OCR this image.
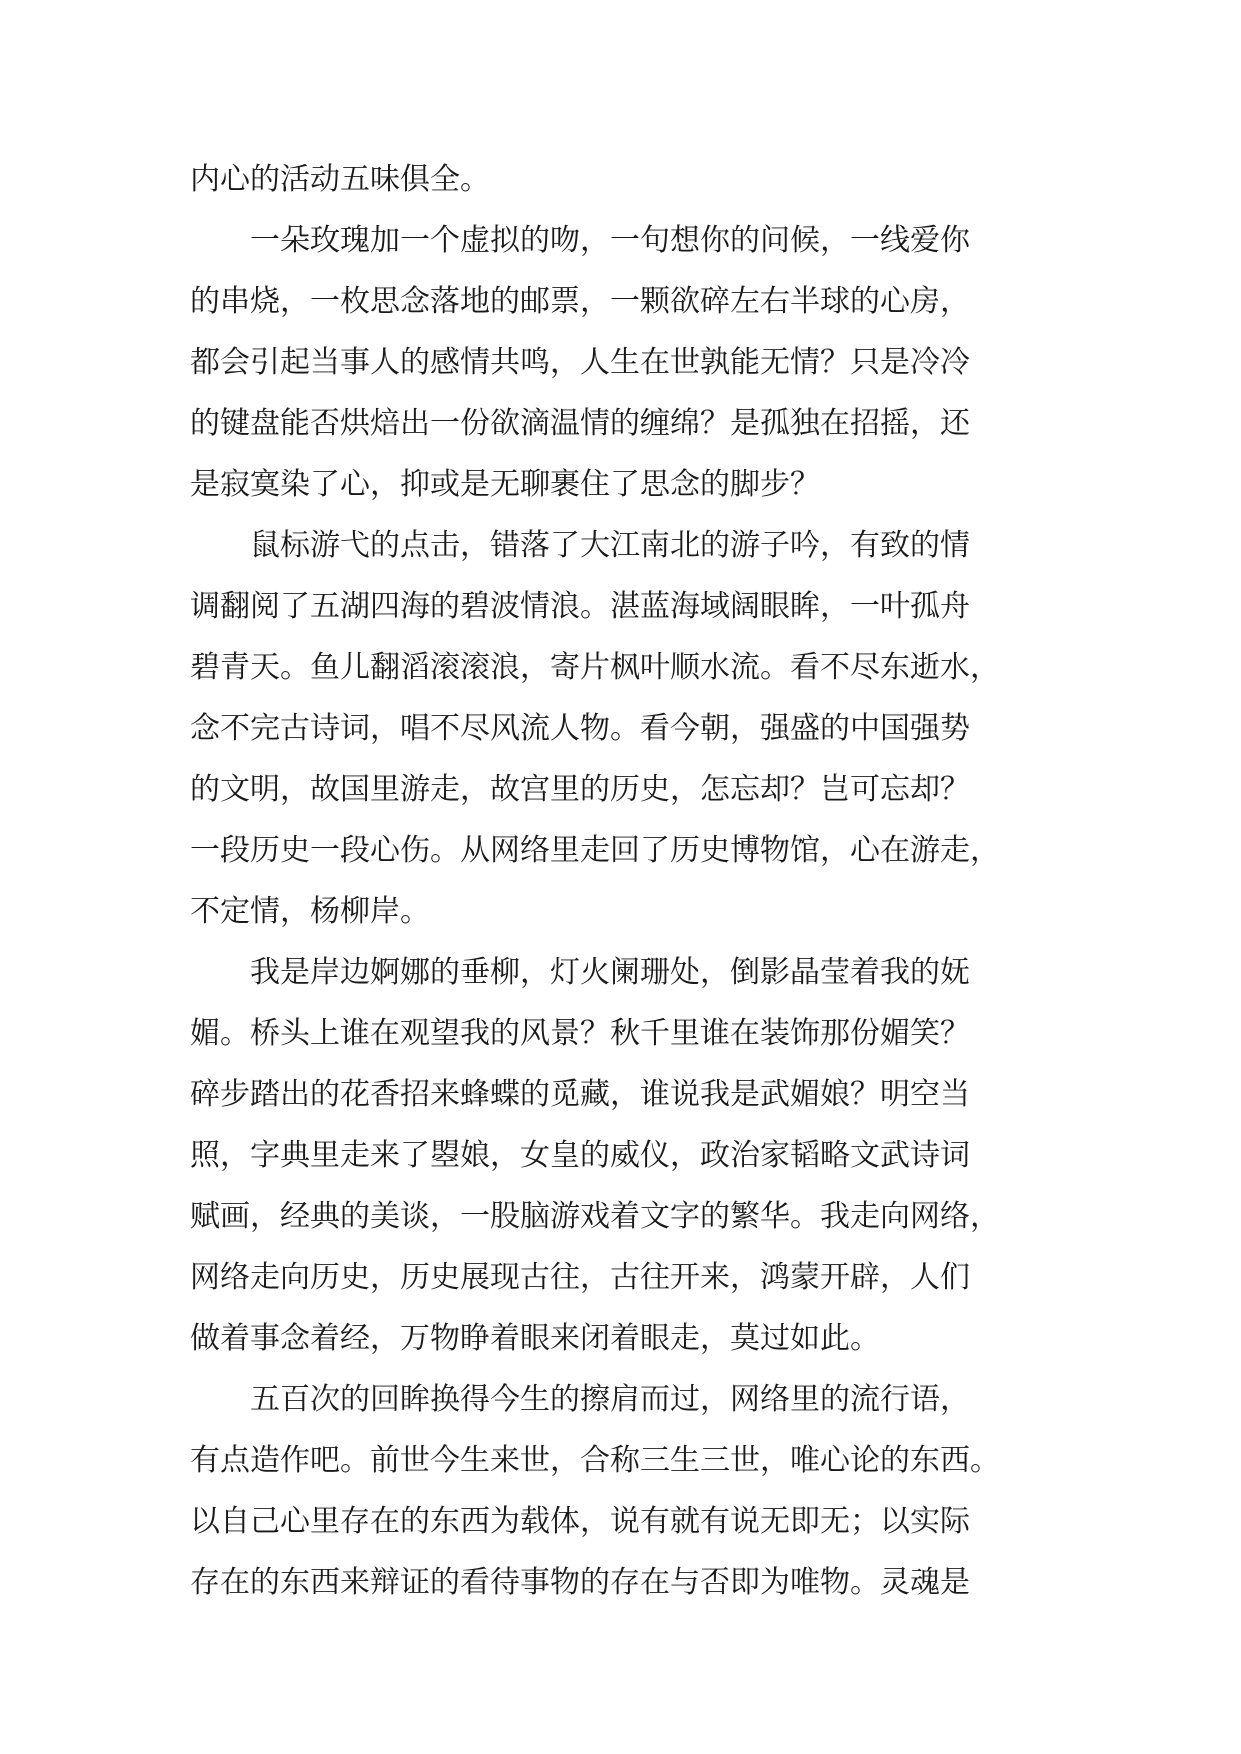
内心的活动五味俱全。
一朵玫瑰加一个虚拟的吻，一句想你的问候，一线爱你
的串烧，一枚思念落地的邮票，一颗欲碎左右半球的心房，
都会引起当事人的感情共鸣，人生在世孰能无情？只是冷冷
的键盘能否烘焙出一份欲滴温情的缠绵？是孤独在招摇，还
是寂寞染了心，抑或是无聊裹住了思念的脚步？
鼠标游弋的点击，错落了大江南北的游子吟，有致的情
调翻阅了五湖四海的碧波情浪。湛蓝海域阔眼眸，一叶孤舟
碧青天。鱼儿翻滔滚滚浪，寄片枫叶顺水流。看不尽东逝水，
念不完古诗词，唱不尽风流人物。看今朝，强盛的中国强势
的文明，故国里游走，故宫里的历史，怎忘却？岂可忘却？
一段历史一段心伤。从网络里走回了历史博物馆，心在游走，
不定情，杨柳岸。
我是岸边婀娜的垂柳，灯火阑珊处，倒影晶莹着我的妩
媚。桥头上谁在观望我的风景？秋千里谁在装饰那份媚笑？
碎步踏出的花香招来蜂蝶的觅藏，谁说我是武媚娘？明空当
照，字典里走来了曌娘，女皇的威仪，政治家韬略文武诗词
赋画，经典的美谈，一股脑游戏着文字的繁华。我走向网络，
网络走向历史，历史展现古往，古往开来，鸿蒙开辟，人们
做着事念着经，万物睁着眼来闭着眼走，莫过如此。
五百次的回眸换得今生的擦肩而过，网络里的流行语，
有点造作吧。前世今生来世，合称三生三世，唯心论的东西。
以自己心里存在的东西为载体，说有就有说无即无；以实际
存在的东西来辩证的看待事物的存在与否即为唯物。灵魂是
